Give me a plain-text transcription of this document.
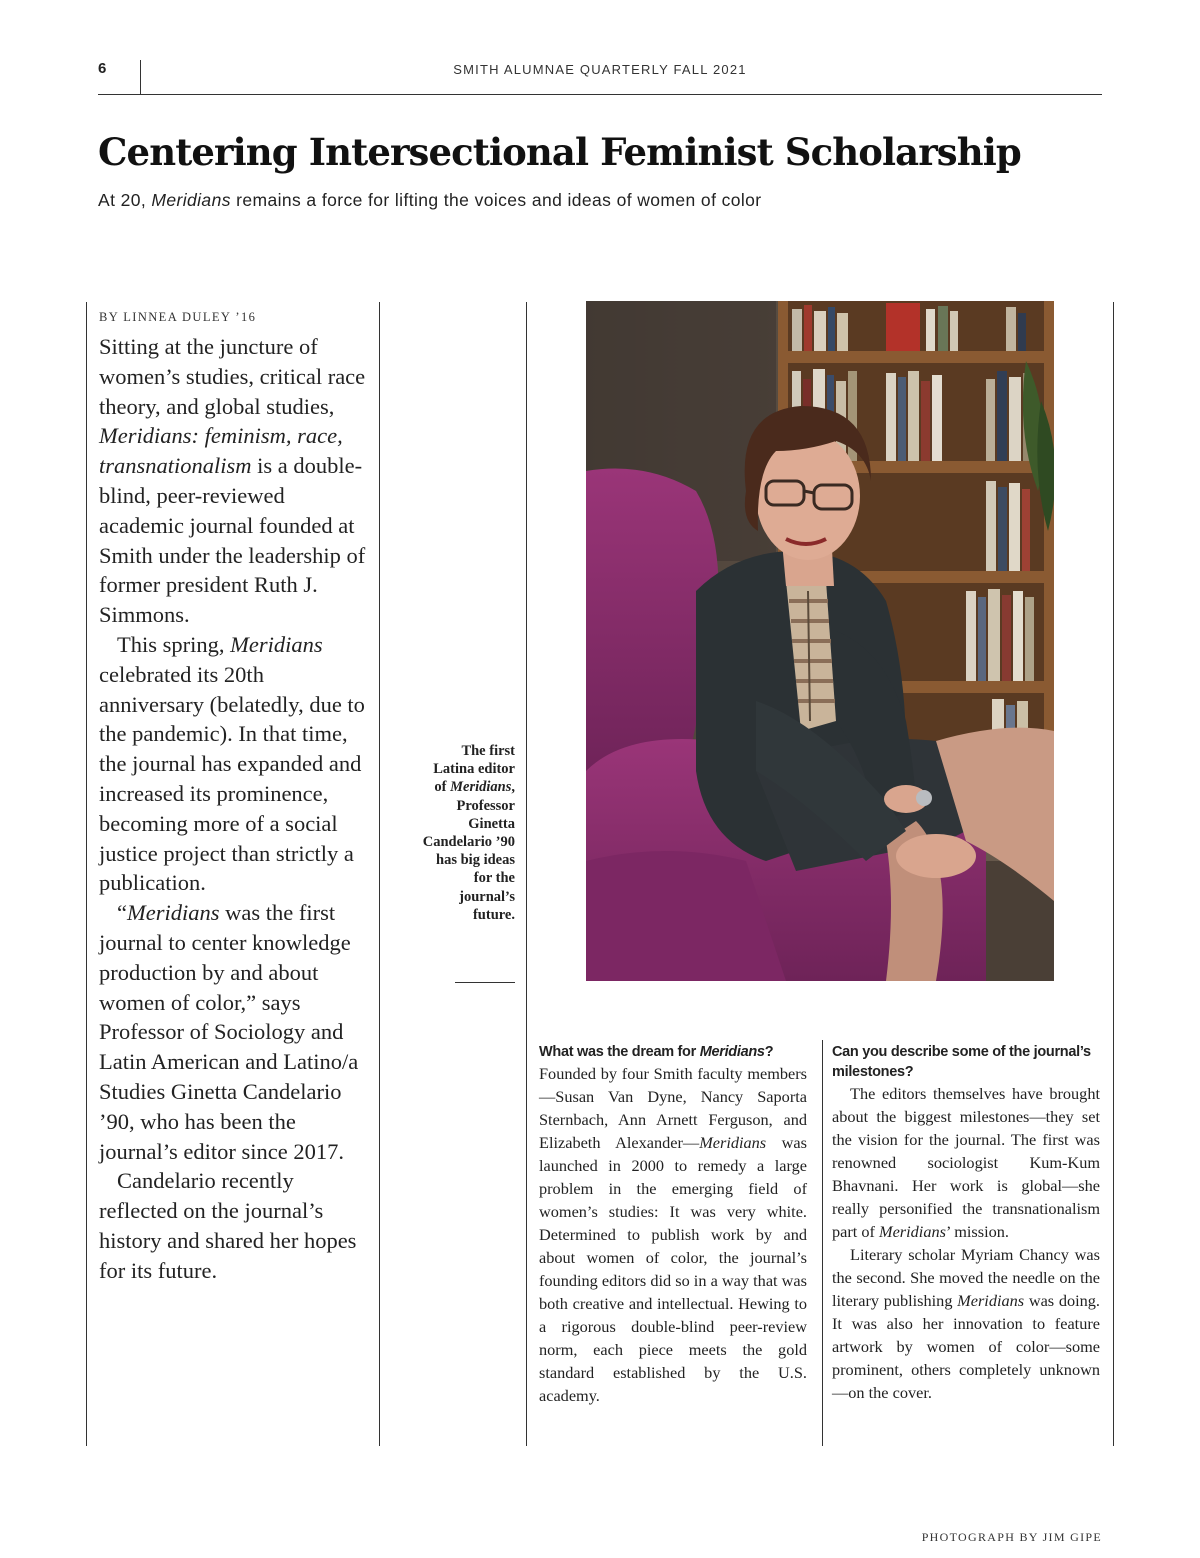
6	SMITH ALUMNAE QUARTERLY FALL 2021
Centering Intersectional Feminist Scholarship
At 20, Meridians remains a force for lifting the voices and ideas of women of color
BY LINNEA DULEY ’16

Sitting at the juncture of women’s studies, critical race theory, and global studies, Meridians: feminism, race, transnationalism is a double-blind, peer-reviewed academic journal founded at Smith under the leadership of former president Ruth J. Simmons.

This spring, Meridians celebrated its 20th anniversary (belatedly, due to the pandemic). In that time, the journal has expanded and increased its prominence, becoming more of a social justice project than strictly a publication.

“Meridians was the first journal to center knowledge production by and about women of color,” says Professor of Sociology and Latin American and Latino/a Studies Ginetta Candelario ’90, who has been the journal’s editor since 2017.

Candelario recently reflected on the journal’s history and shared her hopes for its future.

The first Latina editor of Meridians, Professor Ginetta Candelario ’90 has big ideas for the journal’s future.
What was the dream for Meridians?

Founded by four Smith faculty members—Susan Van Dyne, Nancy Saporta Sternbach, Ann Arnett Ferguson, and Elizabeth Alexander—Meridians was launched in 2000 to remedy a large problem in the emerging field of women’s studies: It was very white. Determined to publish work by and about women of color, the journal’s founding editors did so in a way that was both creative and intellectual. Hewing to a rigorous double-blind peer-review norm, each piece meets the gold standard established by the U.S. academy.

Can you describe some of the journal’s milestones?

The editors themselves have brought about the biggest milestones—they set the vision for the journal. The first was renowned sociologist Kum-Kum Bhavnani. Her work is global—she really personified the transnationalism part of Meridians’ mission.

Literary scholar Myriam Chancy was the second. She moved the needle on the literary publishing Meridians was doing. It was also her innovation to feature artwork by women of color—some prominent, others completely unknown—on the cover.

PHOTOGRAPH BY JIM GIPE
